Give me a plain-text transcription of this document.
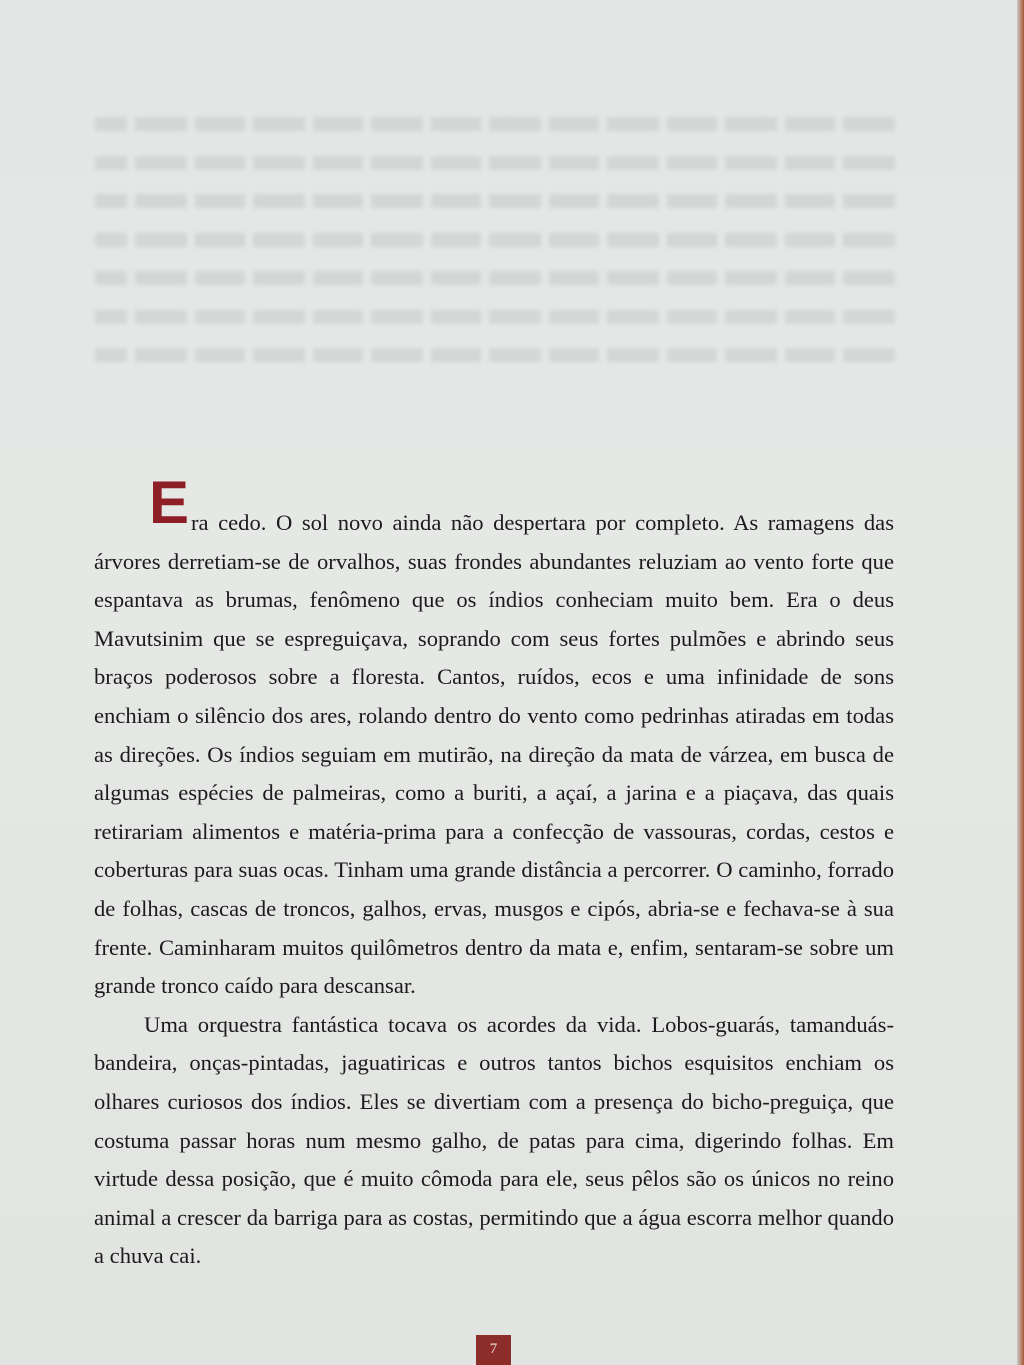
Era cedo. O sol novo ainda não despertara por completo. As ramagens das árvores derretiam-se de orvalhos, suas frondes abundantes reluziam ao vento forte que espantava as brumas, fenômeno que os índios conheciam muito bem. Era o deus Mavutsinim que se espreguiçava, soprando com seus fortes pulmões e abrindo seus braços poderosos sobre a floresta. Cantos, ruídos, ecos e uma infinidade de sons enchiam o silêncio dos ares, rolando dentro do vento como pedrinhas atiradas em todas as direções. Os índios seguiam em mutirão, na direção da mata de várzea, em busca de algumas espécies de palmeiras, como a buriti, a açaí, a jarina e a piaçava, das quais retirariam alimentos e matéria-prima para a confecção de vassouras, cordas, cestos e coberturas para suas ocas. Tinham uma grande distância a percorrer. O caminho, forrado de folhas, cascas de troncos, galhos, ervas, musgos e cipós, abria-se e fechava-se à sua frente. Caminharam muitos quilômetros dentro da mata e, enfim, sentaram-se sobre um grande tronco caído para descansar.

Uma orquestra fantástica tocava os acordes da vida. Lobos-guarás, tamanduás-bandeira, onças-pintadas, jaguatiricas e outros tantos bichos esquisitos enchiam os olhares curiosos dos índios. Eles se divertiam com a presença do bicho-preguiça, que costuma passar horas num mesmo galho, de patas para cima, digerindo folhas. Em virtude dessa posição, que é muito cômoda para ele, seus pêlos são os únicos no reino animal a crescer da barriga para as costas, permitindo que a água escorra melhor quando a chuva cai.

7
